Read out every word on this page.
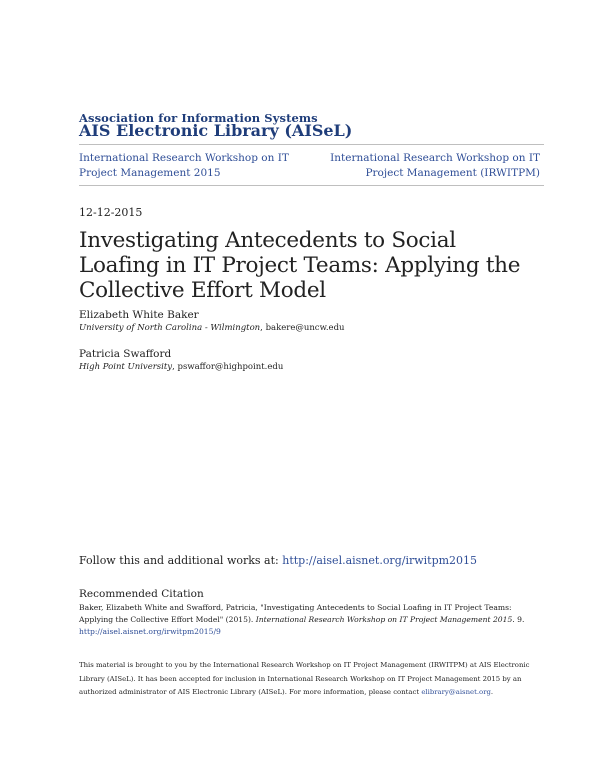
Association for Information Systems
AIS Electronic Library (AISeL)
International Research Workshop on IT Project Management 2015
International Research Workshop on IT Project Management (IRWITPM)
12-12-2015
Investigating Antecedents to Social Loafing in IT Project Teams: Applying the Collective Effort Model
Elizabeth White Baker
University of North Carolina - Wilmington, bakere@uncw.edu
Patricia Swafford
High Point University, pswaffor@highpoint.edu
Follow this and additional works at: http://aisel.aisnet.org/irwitpm2015
Recommended Citation
Baker, Elizabeth White and Swafford, Patricia, "Investigating Antecedents to Social Loafing in IT Project Teams: Applying the Collective Effort Model" (2015). International Research Workshop on IT Project Management 2015. 9.
http://aisel.aisnet.org/irwitpm2015/9
This material is brought to you by the International Research Workshop on IT Project Management (IRWITPM) at AIS Electronic Library (AISeL). It has been accepted for inclusion in International Research Workshop on IT Project Management 2015 by an authorized administrator of AIS Electronic Library (AISeL). For more information, please contact elibrary@aisnet.org.
